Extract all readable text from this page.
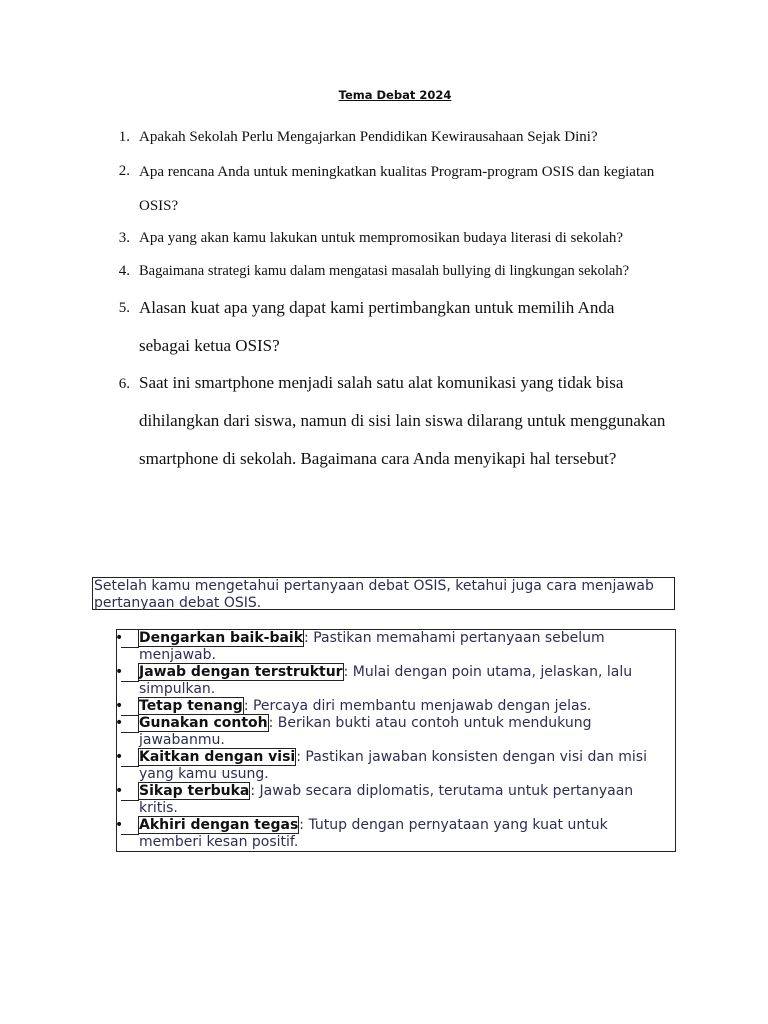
Tema Debat 2024
1. Apakah Sekolah Perlu Mengajarkan Pendidikan Kewirausahaan Sejak Dini?
2. Apa rencana Anda untuk meningkatkan kualitas Program-program OSIS dan kegiatan OSIS?
3. Apa yang akan kamu lakukan untuk mempromosikan budaya literasi di sekolah?
4. Bagaimana strategi kamu dalam mengatasi masalah bullying di lingkungan sekolah?
5. Alasan kuat apa yang dapat kami pertimbangkan untuk memilih Anda sebagai ketua OSIS?
6. Saat ini smartphone menjadi salah satu alat komunikasi yang tidak bisa dihilangkan dari siswa, namun di sisi lain siswa dilarang untuk menggunakan smartphone di sekolah. Bagaimana cara Anda menyikapi hal tersebut?
Setelah kamu mengetahui pertanyaan debat OSIS, ketahui juga cara menjawab pertanyaan debat OSIS.
• Dengarkan baik-baik: Pastikan memahami pertanyaan sebelum menjawab.
• Jawab dengan terstruktur: Mulai dengan poin utama, jelaskan, lalu simpulkan.
• Tetap tenang: Percaya diri membantu menjawab dengan jelas.
• Gunakan contoh: Berikan bukti atau contoh untuk mendukung jawabanmu.
• Kaitkan dengan visi: Pastikan jawaban konsisten dengan visi dan misi yang kamu usung.
• Sikap terbuka: Jawab secara diplomatis, terutama untuk pertanyaan kritis.
• Akhiri dengan tegas: Tutup dengan pernyataan yang kuat untuk memberi kesan positif.
